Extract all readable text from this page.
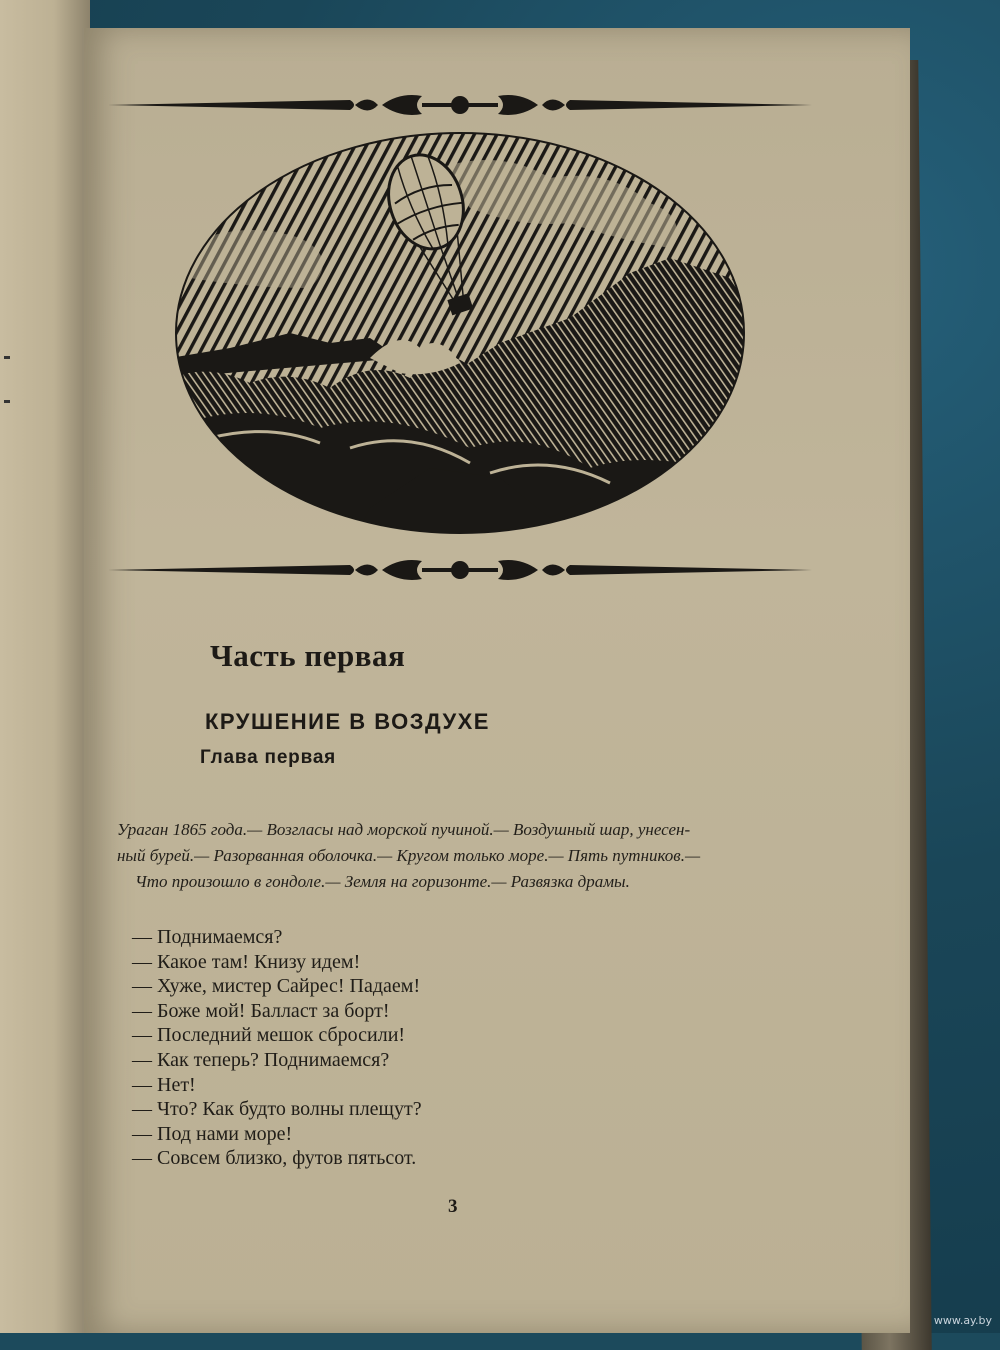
Часть первая
КРУШЕНИЕ В ВОЗДУХЕ
Глава первая

Ураган 1865 года.— Возгласы над морской пучиной.— Воздушный шар, унесен-
ный бурей.— Разорванная оболочка.— Кругом только море.— Пять путников.—
Что произошло в гондоле.— Земля на горизонте.— Развязка драмы.

— Поднимаемся?
— Какое там! Книзу идем!
— Хуже, мистер Сайрес! Падаем!
— Боже мой! Балласт за борт!
— Последний мешок сбросили!
— Как теперь? Поднимаемся?
— Нет!
— Что? Как будто волны плещут?
— Под нами море!
— Совсем близко, футов пятьсот.

3

www.ay.by
